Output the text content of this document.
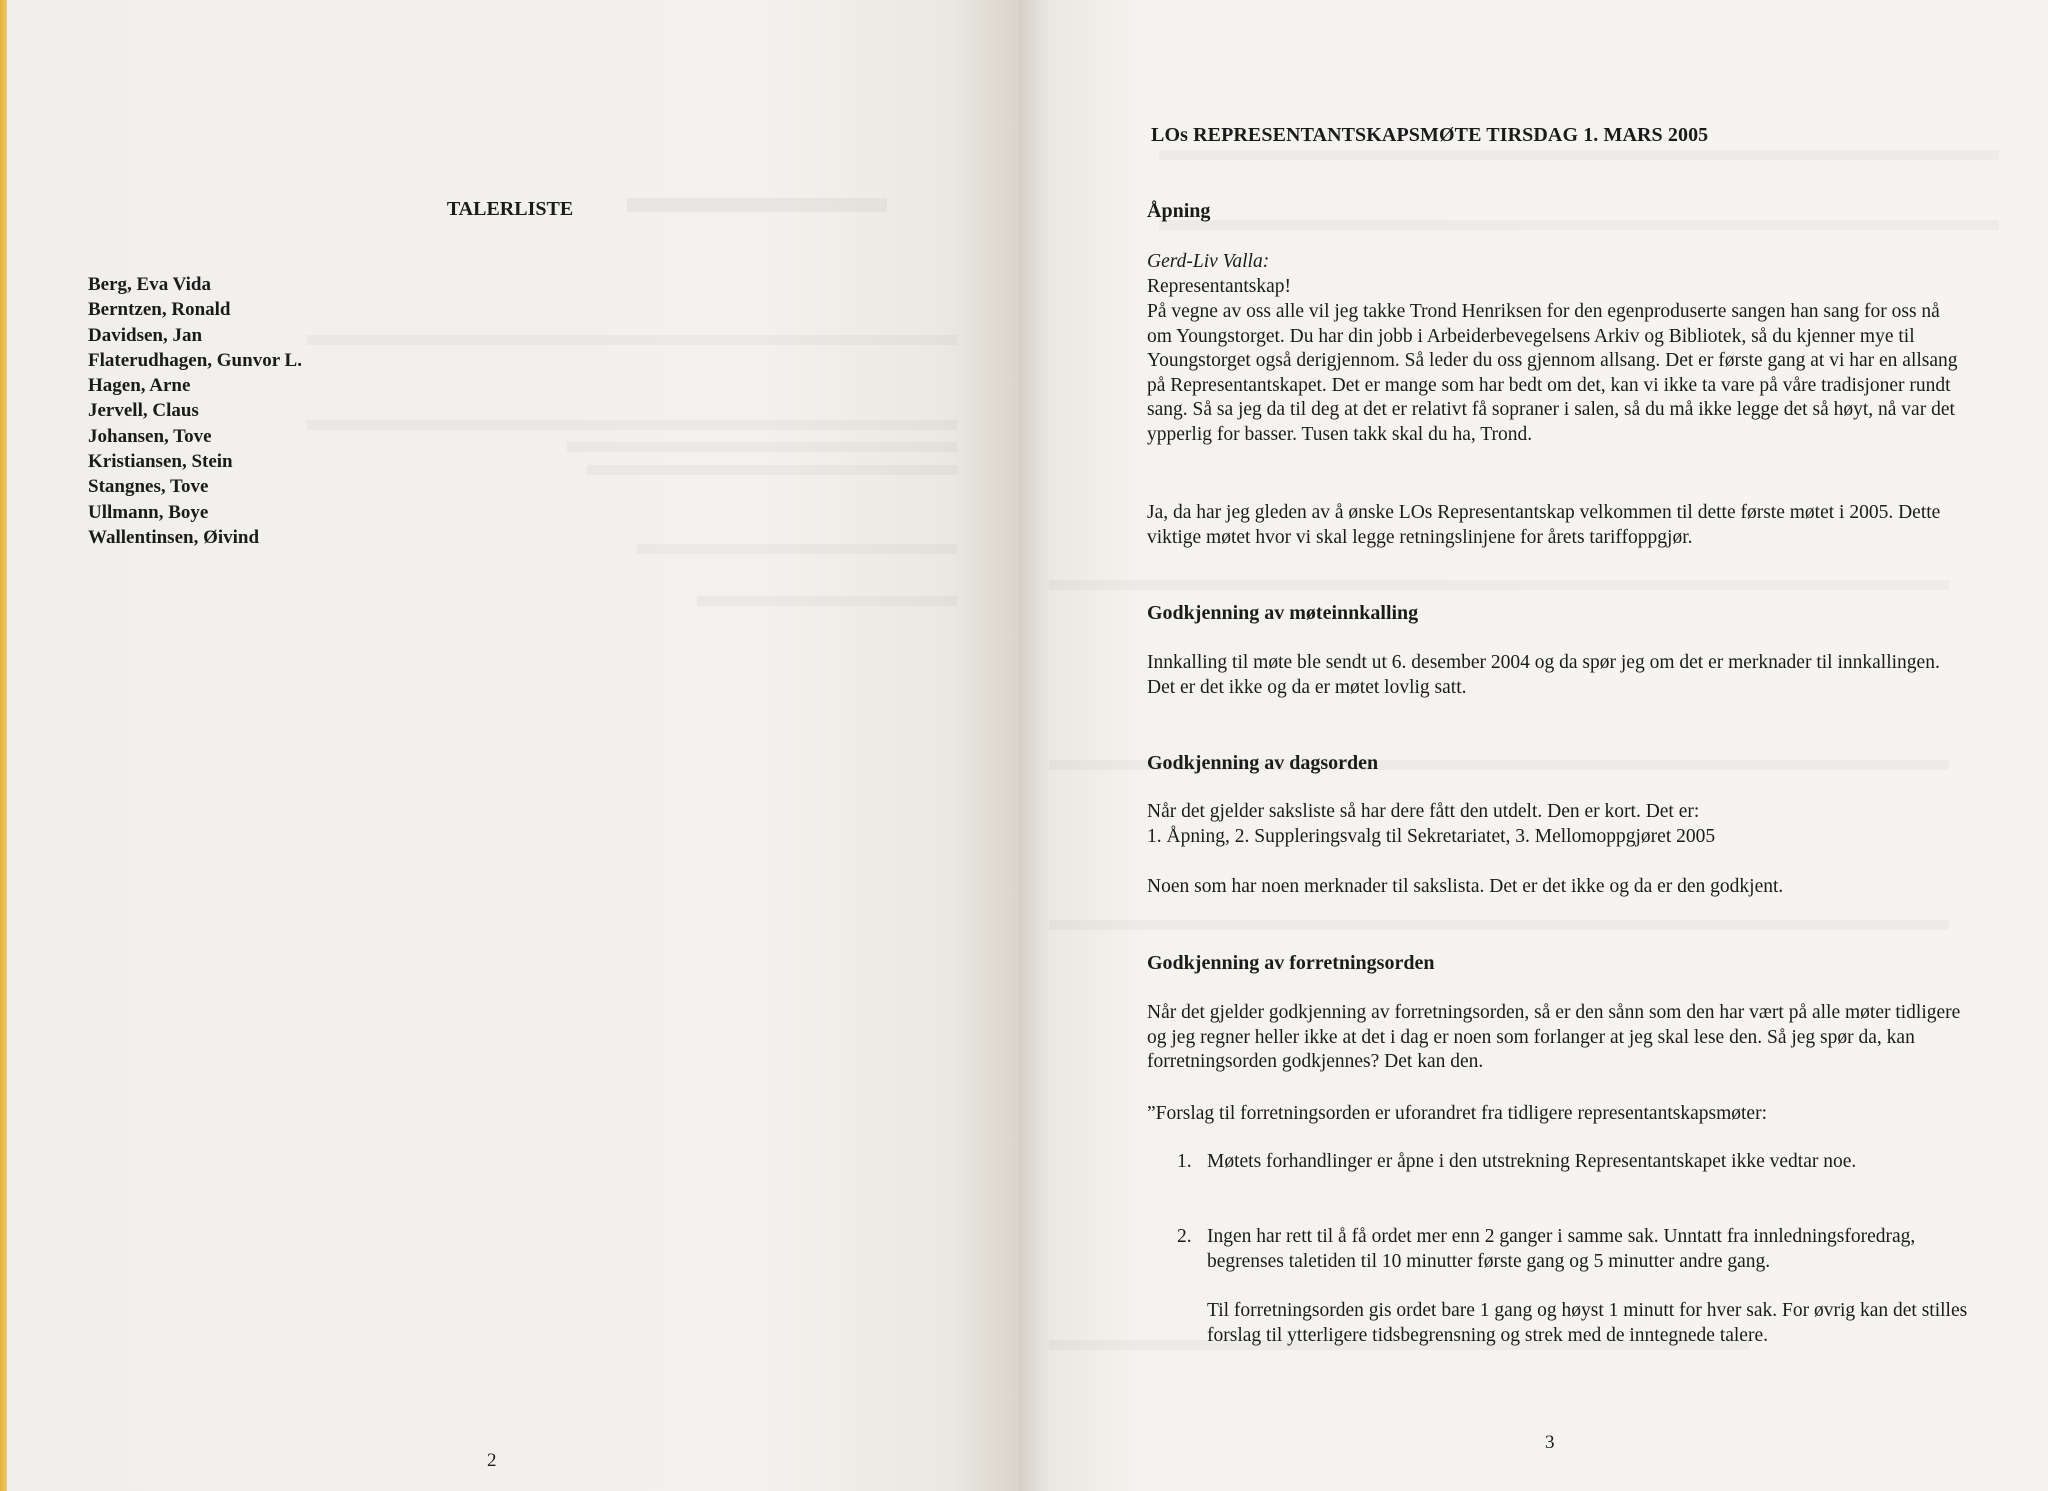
TALERLISTE
Berg, Eva Vida
Berntzen, Ronald
Davidsen, Jan
Flaterudhagen, Gunvor L.
Hagen, Arne
Jervell, Claus
Johansen, Tove
Kristiansen, Stein
Stangnes, Tove
Ullmann, Boye
Wallentinsen, Øivind
2
LOs REPRESENTANTSKAPSMØTE TIRSDAG 1. MARS 2005
Åpning
Gerd-Liv Valla:
Representantskap!
På vegne av oss alle vil jeg takke Trond Henriksen for den egenproduserte sangen han sang for oss nå om Youngstorget. Du har din jobb i Arbeiderbevegelsens Arkiv og Bibliotek, så du kjenner mye til Youngstorget også derigjennom. Så leder du oss gjennom allsang. Det er første gang at vi har en allsang på Representantskapet. Det er mange som har bedt om det, kan vi ikke ta vare på våre tradisjoner rundt sang. Så sa jeg da til deg at det er relativt få sopraner i salen, så du må ikke legge det så høyt, nå var det ypperlig for basser. Tusen takk skal du ha, Trond.
Ja, da har jeg gleden av å ønske LOs Representantskap velkommen til dette første møtet i 2005. Dette viktige møtet hvor vi skal legge retningslinjene for årets tariffoppgjør.
Godkjenning av møteinnkalling
Innkalling til møte ble sendt ut 6. desember 2004 og da spør jeg om det er merknader til innkallingen. Det er det ikke og da er møtet lovlig satt.
Godkjenning av dagsorden
Når det gjelder saksliste så har dere fått den utdelt. Den er kort. Det er:
1. Åpning, 2. Suppleringsvalg til Sekretariatet, 3. Mellomoppgjøret 2005
Noen som har noen merknader til sakslista. Det er det ikke og da er den godkjent.
Godkjenning av forretningsorden
Når det gjelder godkjenning av forretningsorden, så er den sånn som den har vært på alle møter tidligere og jeg regner heller ikke at det i dag er noen som forlanger at jeg skal lese den. Så jeg spør da, kan forretningsorden godkjennes? Det kan den.
”Forslag til forretningsorden er uforandret fra tidligere representantskapsmøter:
1. Møtets forhandlinger er åpne i den utstrekning Representantskapet ikke vedtar noe.
2. Ingen har rett til å få ordet mer enn 2 ganger i samme sak. Unntatt fra innledningsforedrag, begrenses taletiden til 10 minutter første gang og 5 minutter andre gang.
Til forretningsorden gis ordet bare 1 gang og høyst 1 minutt for hver sak. For øvrig kan det stilles forslag til ytterligere tidsbegrensning og strek med de inntegnede talere.
3
